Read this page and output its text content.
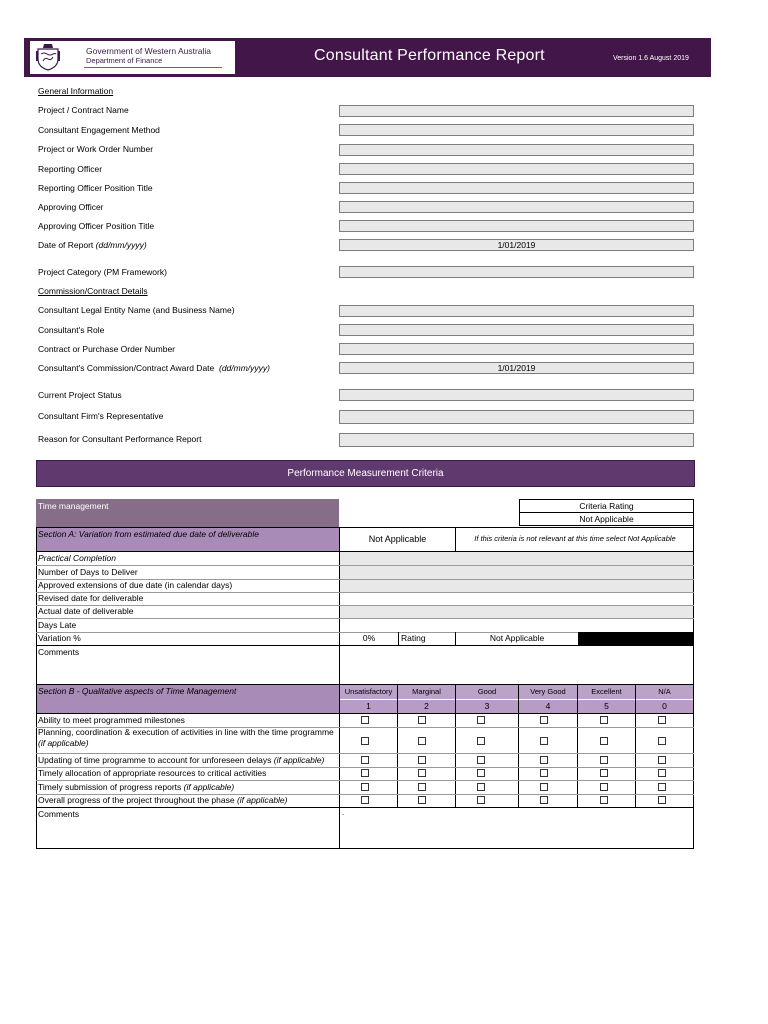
Government of Western Australia
Department of Finance	Consultant Performance Report	Version 1.6 August 2019
General Information
Project / Contract Name
Consultant Engagement Method
Project or Work Order Number
Reporting Officer
Reporting Officer Position Title
Approving Officer
Approving Officer Position Title
Date of Report (dd/mm/yyyy)	1/01/2019
Project Category (PM Framework)
Commission/Contract Details
Consultant Legal Entity Name (and Business Name)
Consultant's Role
Contract or Purchase Order Number
Consultant's Commission/Contract Award Date (dd/mm/yyyy)	1/01/2019
Current Project Status
Consultant Firm's Representative
Reason for Consultant Performance Report
Performance Measurement Criteria
Time management	Criteria Rating
Not Applicable
Section A: Variation from estimated due date of deliverable	Not Applicable	If this criteria is not relevant at this time select Not Applicable
Practical Completion
Number of Days to Deliver
Approved extensions of due date (in calendar days)
Revised date for deliverable
Actual date of deliverable
Days Late
Variation %	0%	Rating	Not Applicable
Comments
Section B - Qualitative aspects of Time Management	Unsatisfactory	Marginal	Good	Very Good	Excellent	N/A
1	2	3	4	5	0
Ability to meet programmed milestones
Planning, coordination & execution of activities in line with the time programme (if applicable)
Updating of time programme to account for unforeseen delays (if applicable)
Timely allocation of appropriate resources to critical activities
Timely submission of progress reports (if applicable)
Overall progress of the project throughout the phase (if applicable)
Comments	.
